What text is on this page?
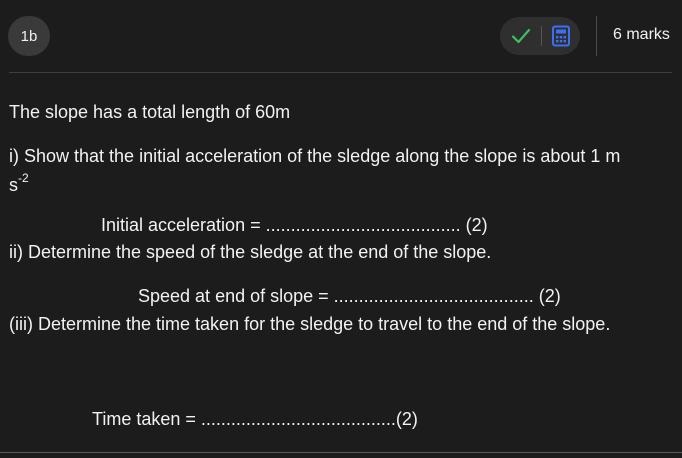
1b	6 marks
The slope has a total length of 60m
i) Show that the initial acceleration of the sledge along the slope is about 1 m
$s^{-2}$
Initial acceleration = ....................................... (2)
ii) Determine the speed of the sledge at the end of the slope.
Speed at end of slope = ........................................ (2)
(iii) Determine the time taken for the sledge to travel to the end of the slope.
Time taken = .......................................(2)
